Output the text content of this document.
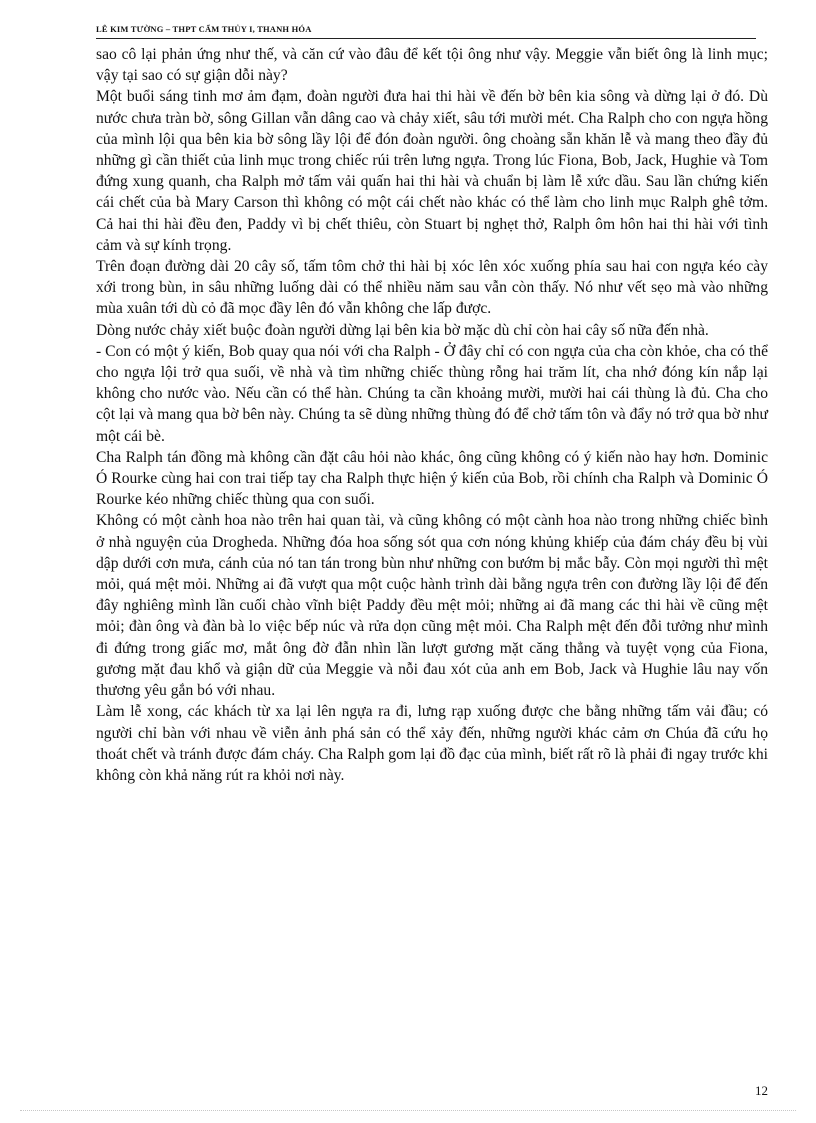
LÊ KIM TƯỜNG – THPT CẨM THỦY I, THANH HÓA

sao cô lại phản ứng như thế, và căn cứ vào đâu để kết tội ông như vậy. Meggie vẫn biết ông là linh mục; vậy tại sao có sự giận dỗi này?

Một buổi sáng tinh mơ ảm đạm, đoàn người đưa hai thi hài về đến bờ bên kia sông và dừng lại ở đó. Dù nước chưa tràn bờ, sông Gillan vẫn dâng cao và chảy xiết, sâu tới mười mét. Cha Ralph cho con ngựa hồng của mình lội qua bên kia bờ sông lầy lội để đón đoàn người. ông choàng sẵn khăn lễ và mang theo đầy đủ những gì cần thiết của linh mục trong chiếc rúi trên lưng ngựa. Trong lúc Fiona, Bob, Jack, Hughie và Tom đứng xung quanh, cha Ralph mở tấm vải quấn hai thi hài và chuẩn bị làm lễ xức dầu. Sau lần chứng kiến cái chết của bà Mary Carson thì không có một cái chết nào khác có thể làm cho linh mục Ralph ghê tởm. Cả hai thi hài đều đen, Paddy vì bị chết thiêu, còn Stuart bị nghẹt thở, Ralph ôm hôn hai thi hài với tình cảm và sự kính trọng.

Trên đoạn đường dài 20 cây số, tấm tôm chở thi hài bị xóc lên xóc xuống phía sau hai con ngựa kéo cày xới trong bùn, in sâu những luống dài có thể nhiều năm sau vẫn còn thấy. Nó như vết sẹo mà vào những mùa xuân tới dù cỏ đã mọc đầy lên đó vẫn không che lấp được.

Dòng nước chảy xiết buộc đoàn người dừng lại bên kia bờ mặc dù chỉ còn hai cây số nữa đến nhà.

- Con có một ý kiến, Bob quay qua nói với cha Ralph - Ở đây chỉ có con ngựa của cha còn khỏe, cha có thể cho ngựa lội trở qua suối, về nhà và tìm những chiếc thùng rỗng hai trăm lít, cha nhớ đóng kín nắp lại không cho nước vào. Nếu cần có thể hàn. Chúng ta cần khoảng mười, mười hai cái thùng là đủ. Cha cho cột lại và mang qua bờ bên này. Chúng ta sẽ dùng những thùng đó để chở tấm tôn và đẩy nó trở qua bờ như một cái bè.

Cha Ralph tán đồng mà không cần đặt câu hỏi nào khác, ông cũng không có ý kiến nào hay hơn. Dominic Ó Rourke cùng hai con trai tiếp tay cha Ralph thực hiện ý kiến của Bob, rồi chính cha Ralph và Dominic Ó Rourke kéo những chiếc thùng qua con suối.

Không có một cành hoa nào trên hai quan tài, và cũng không có một cành hoa nào trong những chiếc bình ở nhà nguyện của Drogheda. Những đóa hoa sống sót qua cơn nóng khủng khiếp của đám cháy đều bị vùi dập dưới cơn mưa, cánh của nó tan tán trong bùn như những con bướm bị mắc bẫy. Còn mọi người thì mệt mỏi, quá mệt mỏi. Những ai đã vượt qua một cuộc hành trình dài bằng ngựa trên con đường lầy lội để đến đây nghiêng mình lần cuối chào vĩnh biệt Paddy đều mệt mỏi; những ai đã mang các thi hài về cũng mệt mỏi; đàn ông và đàn bà lo việc bếp núc và rửa dọn cũng mệt mỏi. Cha Ralph mệt đến đỗi tưởng như mình đi đứng trong giấc mơ, mắt ông đờ đẫn nhìn lần lượt gương mặt căng thẳng và tuyệt vọng của Fiona, gương mặt đau khổ và giận dữ của Meggie và nỗi đau xót của anh em Bob, Jack và Hughie lâu nay vốn thương yêu gắn bó với nhau.

Làm lễ xong, các khách từ xa lại lên ngựa ra đi, lưng rạp xuống được che bằng những tấm vải đầu; có người chỉ bàn với nhau về viễn ảnh phá sản có thể xảy đến, những người khác cảm ơn Chúa đã cứu họ thoát chết và tránh được đám cháy. Cha Ralph gom lại đồ đạc của mình, biết rất rõ là phải đi ngay trước khi không còn khả năng rút ra khỏi nơi này.

12
